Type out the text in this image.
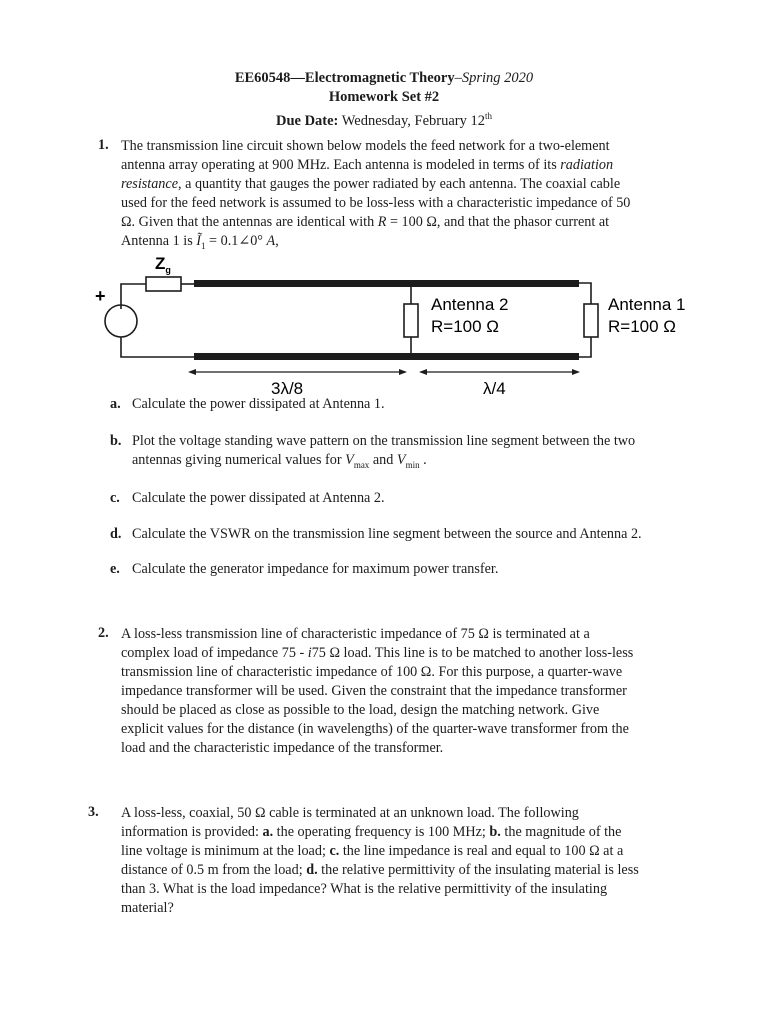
EE60548—Electromagnetic Theory–Spring 2020
Homework Set #2
Due Date: Wednesday, February 12th
1. The transmission line circuit shown below models the feed network for a two-element
antenna array operating at 900 MHz. Each antenna is modeled in terms of its radiation
resistance, a quantity that gauges the power radiated by each antenna. The coaxial cable
used for the feed network is assumed to be loss-less with a characteristic impedance of 50
Ω. Given that the antennas are identical with R = 100 Ω, and that the phasor current at
Antenna 1 is $Ĩ_1$ = 0.1∠0° A,
$Z_g$
+	Antenna 2
R=100 Ω
Antenna 1
R=100 Ω
3λ/8	λ/4
a. Calculate the power dissipated at Antenna 1.
b. Plot the voltage standing wave pattern on the transmission line segment between the two
antennas giving numerical values for $V_{max}$ and $V_{min}$ .
c. Calculate the power dissipated at Antenna 2.
d. Calculate the VSWR on the transmission line segment between the source and Antenna 2.
e. Calculate the generator impedance for maximum power transfer.
2. A loss-less transmission line of characteristic impedance of 75 Ω is terminated at a
complex load of impedance 75 - i75 Ω load. This line is to be matched to another loss-less
transmission line of characteristic impedance of 100 Ω. For this purpose, a quarter-wave
impedance transformer will be used. Given the constraint that the impedance transformer
should be placed as close as possible to the load, design the matching network. Give
explicit values for the distance (in wavelengths) of the quarter-wave transformer from the
load and the characteristic impedance of the transformer.
3. A loss-less, coaxial, 50 Ω cable is terminated at an unknown load. The following
information is provided: a. the operating frequency is 100 MHz; b. the magnitude of the
line voltage is minimum at the load; c. the line impedance is real and equal to 100 Ω at a
distance of 0.5 m from the load; d. the relative permittivity of the insulating material is less
than 3. What is the load impedance? What is the relative permittivity of the insulating
material?
